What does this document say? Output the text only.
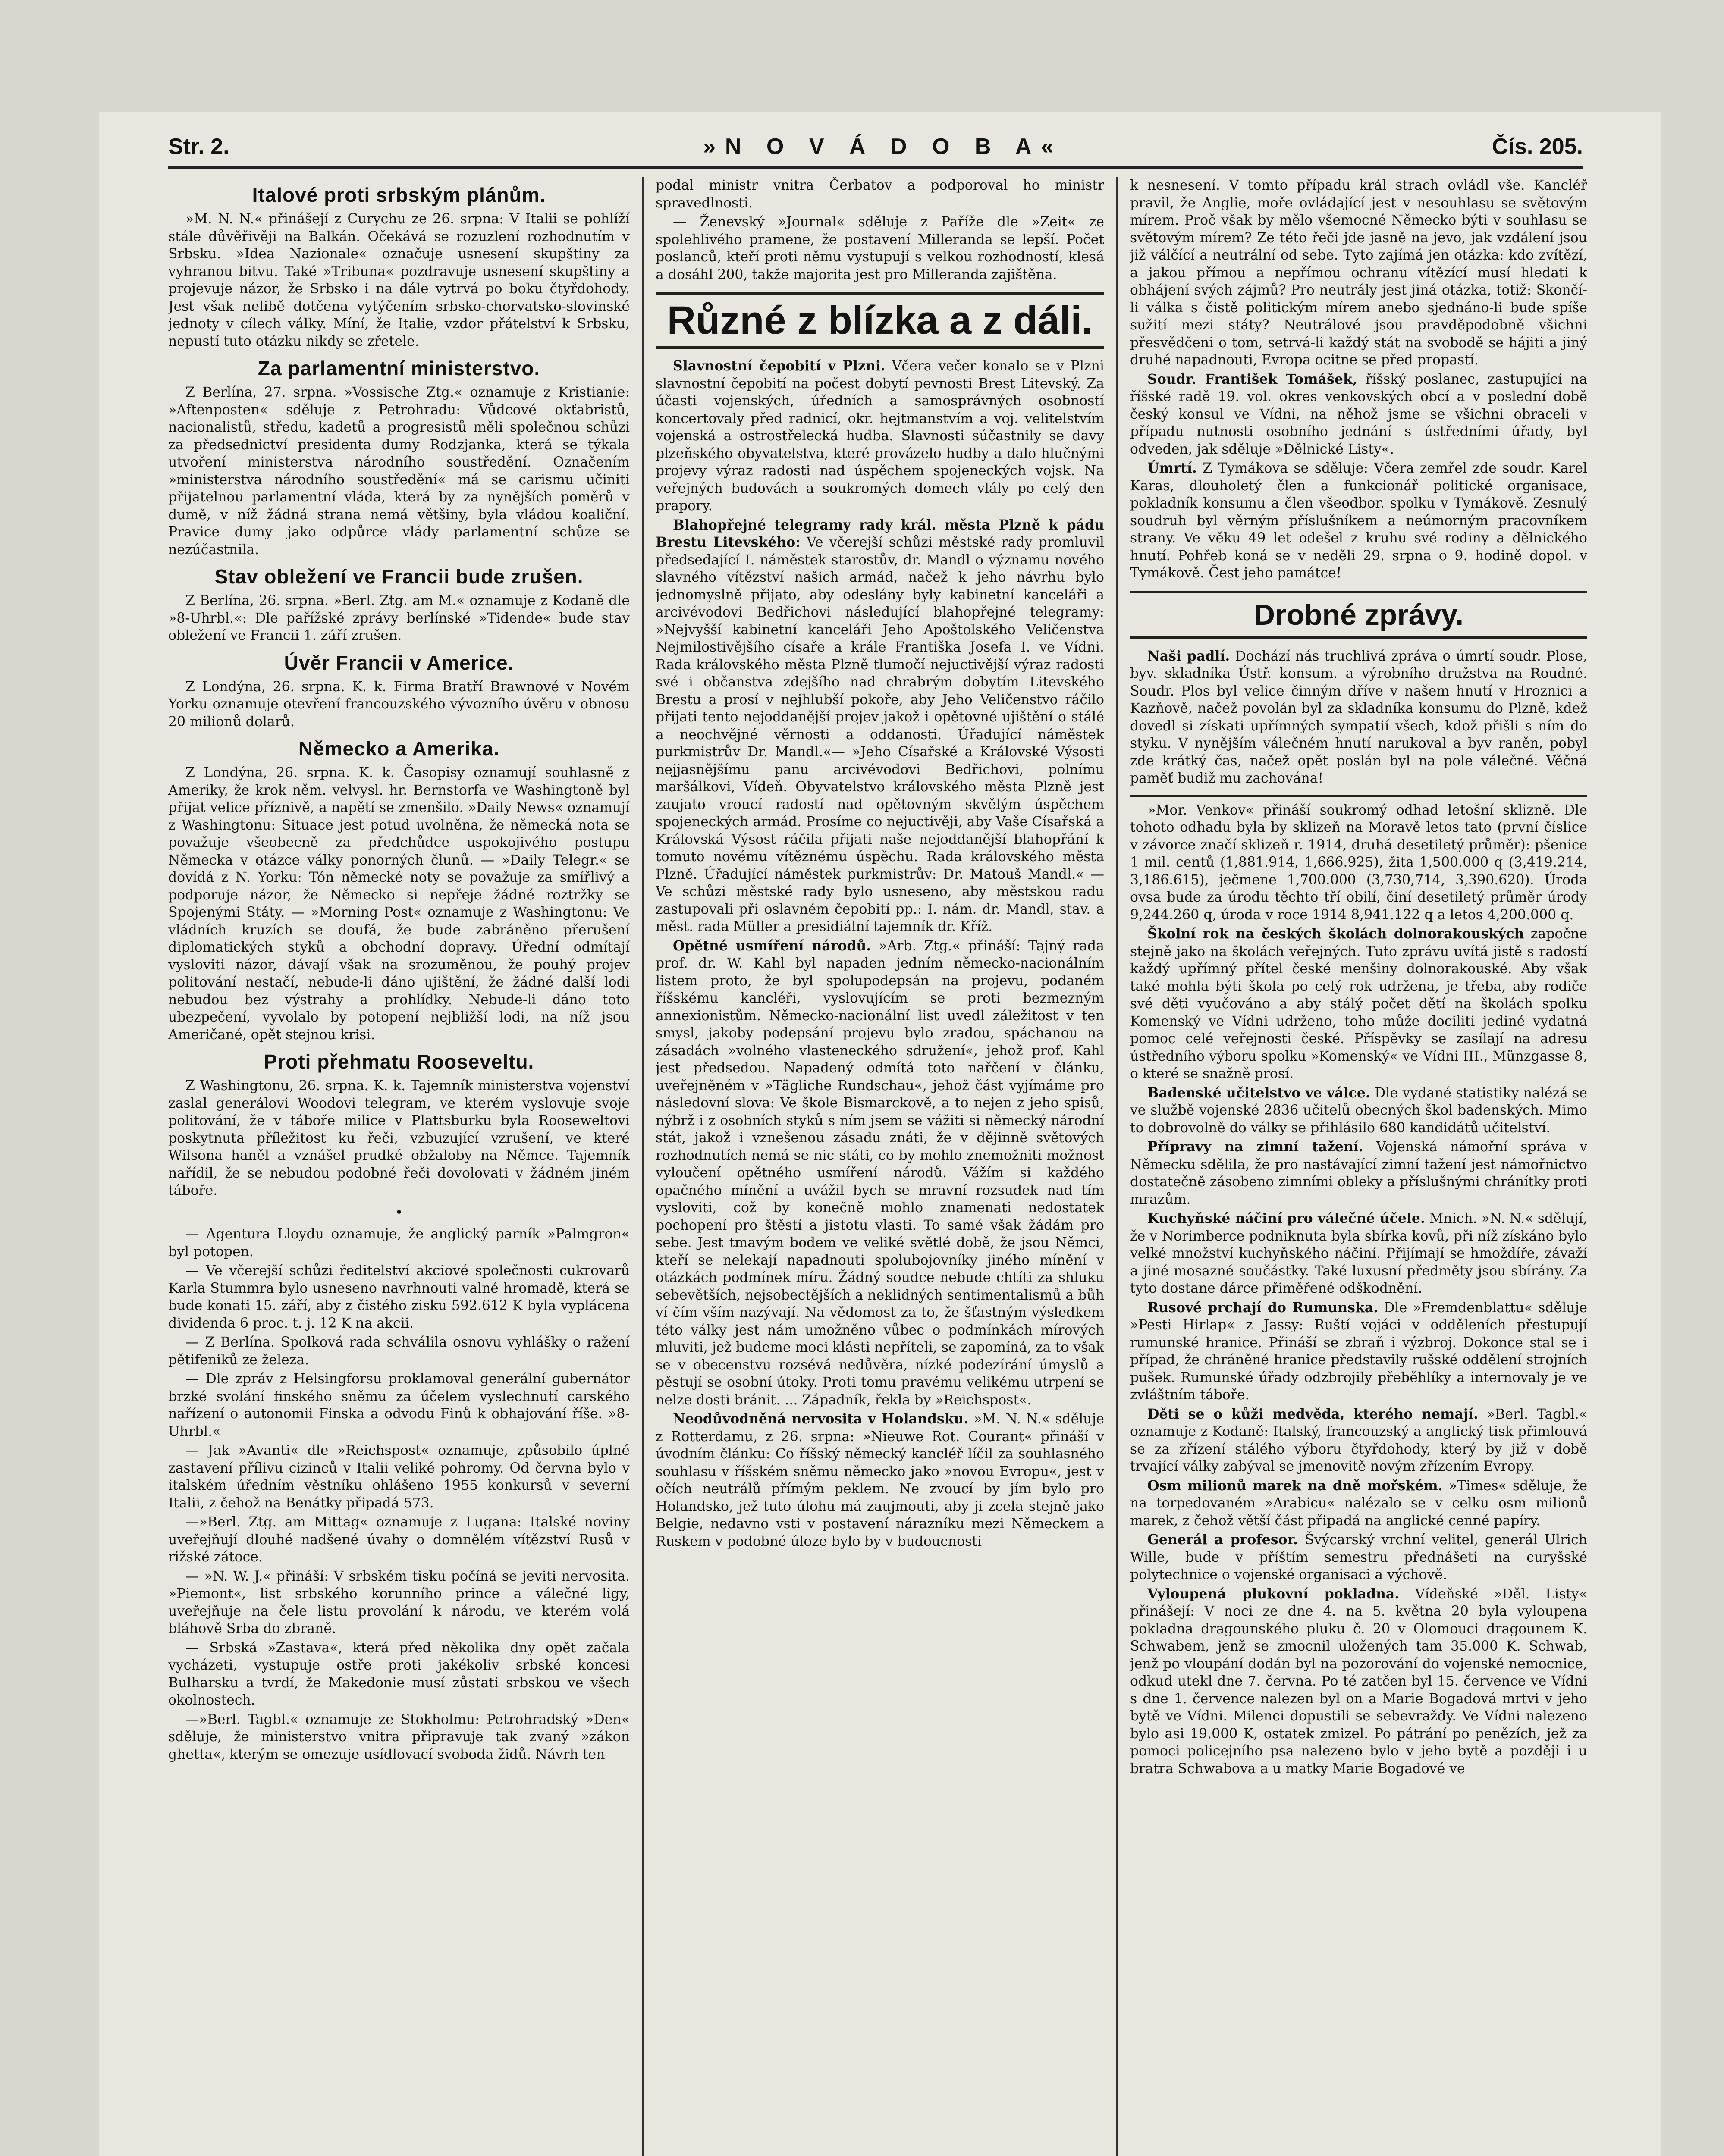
Str. 2.	»N O V Á D O B A«	Čís. 205.
Italové proti srbským plánům.

»M. N. N.« přinášejí z Curychu ze 26. srpna: V Italii se pohlíží stále důvěřivěji na Balkán. Očekává se rozuzlení rozhodnutím v Srbsku. »Idea Nazionale« označuje usnesení skupštiny za vyhranou bitvu. Také »Tribuna« pozdravuje usnesení skupštiny a projevuje názor, že Srbsko i na dále vytrvá po boku čtyřdohody. Jest však nelibě dotčena vytýčením srbsko-chorvatsko-slovinské jednoty v cílech války. Míní, že Italie, vzdor přátelství k Srbsku, nepustí tuto otázku nikdy se zřetele.

Za parlamentní ministerstvo.

Z Berlína, 27. srpna. »Vossische Ztg.« oznamuje z Kristianie: »Aftenposten« sděluje z Petrohradu: Vůdcové okťabristů, nacionalistů, středu, kadetů a progresistů měli společnou schůzi za předsednictví presidenta dumy Rodzjanka, která se týkala utvoření ministerstva národního soustředění. Označením »ministerstva národního soustředění« má se carismu učiniti přijatelnou parlamentní vláda, která by za nynějších poměrů v dumě, v níž žádná strana nemá většiny, byla vládou koaliční. Pravice dumy jako odpůrce vlády parlamentní schůze se nezúčastnila.

Stav obležení ve Francii bude zrušen.

Z Berlína, 26. srpna. »Berl. Ztg. am M.« oznamuje z Kodaně dle »8-Uhrbl.«: Dle pařížské zprávy berlínské »Tidende« bude stav obležení ve Francii 1. září zrušen.

Úvěr Francii v Americe.

Z Londýna, 26. srpna. K. k. Firma Bratří Brawnové v Novém Yorku oznamuje otevření francouzského vývozního úvěru v obnosu 20 milionů dolarů.

Německo a Amerika.

Z Londýna, 26. srpna. K. k. Časopisy oznamují souhlasně z Ameriky, že krok něm. velvysl. hr. Bernstorfa ve Washingtoně byl přijat velice příznivě, a napětí se zmenšilo. »Daily News« oznamují z Washingtonu: Situace jest potud uvolněna, že německá nota se považuje všeobecně za předchůdce uspokojivého postupu Německa v otázce války ponorných člunů. — »Daily Telegr.« se dovídá z N. Yorku: Tón německé noty se považuje za smířlivý a podporuje názor, že Německo si nepřeje žádné roztržky se Spojenými Státy. — »Morning Post« oznamuje z Washingtonu: Ve vládních kruzích se doufá, že bude zabráněno přerušení diplomatických styků a obchodní dopravy. Úřední odmítají vysloviti názor, dávají však na srozuměnou, že pouhý projev politování nestačí, nebude-li dáno ujištění, že žádné další lodi nebudou bez výstrahy a prohlídky. Nebude-li dáno toto ubezpečení, vyvolalo by potopení nejbližší lodi, na níž jsou Američané, opět stejnou krisi.

Proti přehmatu Rooseveltu.

Z Washingtonu, 26. srpna. K. k. Tajemník ministerstva vojenství zaslal generálovi Woodovi telegram, ve kterém vyslovuje svoje politování, že v táboře milice v Plattsburku byla Rooseweltovi poskytnuta příležitost ku řeči, vzbuzující vzrušení, ve které Wilsona haněl a vznášel prudké obžaloby na Němce. Tajemník nařídil, že se nebudou podobné řeči dovolovati v žádném jiném táboře.

•

— Agentura Lloydu oznamuje, že anglický parník »Palmgron« byl potopen.

— Ve včerejší schůzi ředitelství akciové společnosti cukrovarů Karla Stummra bylo usneseno navrhnouti valné hromadě, která se bude konati 15. září, aby z čistého zisku 592.612 K byla vyplácena dividenda 6 proc. t. j. 12 K na akcii.

— Z Berlína. Spolková rada schválila osnovu vyhlášky o ražení pětifeniků ze železa.

— Dle zpráv z Helsingforsu proklamoval generální gubernátor brzké svolání finského sněmu za účelem vyslechnutí carského nařízení o autonomii Finska a odvodu Finů k obhajování říše. »8-Uhrbl.«

— Jak »Avanti« dle »Reichspost« oznamuje, způsobilo úplné zastavení přílivu cizinců v Italii veliké pohromy. Od června bylo v italském úředním věstníku ohlášeno 1955 konkursů v severní Italii, z čehož na Benátky připadá 573.

—»Berl. Ztg. am Mittag« oznamuje z Lugana: Italské noviny uveřejňují dlouhé nadšené úvahy o domnělém vítězství Rusů v rižské zátoce.

— »N. W. J.« přináší: V srbském tisku počíná se jeviti nervosita. »Piemont«, list srbského korunního prince a válečné ligy, uveřejňuje na čele listu provolání k národu, ve kterém volá bláhově Srba do zbraně.

— Srbská »Zastava«, která před několika dny opět začala vycházeti, vystupuje ostře proti jakékoliv srbské koncesi Bulharsku a tvrdí, že Makedonie musí zůstati srbskou ve všech okolnostech.

—»Berl. Tagbl.« oznamuje ze Stokholmu: Petrohradský »Den« sděluje, že ministerstvo vnitra připravuje tak zvaný »zákon ghetta«, kterým se omezuje usídlovací svoboda židů. Návrh ten

podal ministr vnitra Čerbatov a podporoval ho ministr spravedlnosti.

— Ženevský »Journal« sděluje z Paříže dle »Zeit« ze spolehlivého pramene, že postavení Milleranda se lepší. Počet poslanců, kteří proti němu vystupují s velkou rozhodností, klesá a dosáhl 200, takže majorita jest pro Milleranda zajištěna.

Různé z blízka a z dáli.

Slavnostní čepobití v Plzni. Včera večer konalo se v Plzni slavnostní čepobití na počest dobytí pevnosti Brest Litevský. Za účasti vojenských, úředních a samosprávných osobností koncertovaly před radnicí, okr. hejtmanstvím a voj. velitelstvím vojenská a ostrostřelecká hudba. Slavnosti súčastnily se davy plzeňského obyvatelstva, které provázelo hudby a dalo hlučnými projevy výraz radosti nad úspěchem spojeneckých vojsk. Na veřejných budovách a soukromých domech vlály po celý den prapory.

Blahopřejné telegramy rady král. města Plzně k pádu Brestu Litevského: Ve včerejší schůzi městské rady promluvil předsedající I. náměstek starostův, dr. Mandl o významu nového slavného vítězství našich armád, načež k jeho návrhu bylo jednomyslně přijato, aby odeslány byly kabinetní kanceláři a arcivévodovi Bedřichovi následující blahopřejné telegramy: »Nejvyšší kabinetní kanceláři Jeho Apoštolského Veličenstva Nejmilostivějšího císaře a krále Františka Josefa I. ve Vídni. Rada královského města Plzně tlumočí nejuctivější výraz radosti své i občanstva zdejšího nad chrabrým dobytím Litevského Brestu a prosí v nejhlubší pokoře, aby Jeho Veličenstvo ráčilo přijati tento nejoddanější projev jakož i opětovné ujištění o stálé a neochvějné věrnosti a oddanosti. Úřadující náměstek purkmistrův Dr. Mandl.«— »Jeho Císařské a Královské Výsosti nejjasnějšímu panu arcivévodovi Bedřichovi, polnímu maršálkovi, Vídeň. Obyvatelstvo královského města Plzně jest zaujato vroucí radostí nad opětovným skvělým úspěchem spojeneckých armád. Prosíme co nejuctivěji, aby Vaše Císařská a Královská Výsost ráčila přijati naše nejoddanější blahopřání k tomuto novému vítěznému úspěchu. Rada královského města Plzně. Úřadující náměstek purkmistrův: Dr. Matouš Mandl.« — Ve schůzi městské rady bylo usneseno, aby městskou radu zastupovali při oslavném čepobití pp.: I. nám. dr. Mandl, stav. a měst. rada Müller a presidiální tajemník dr. Kříž.

Opětné usmíření národů. »Arb. Ztg.« přináší: Tajný rada prof. dr. W. Kahl byl napaden jedním německo-nacionálním listem proto, že byl spolupodepsán na projevu, podaném říšskému kancléři, vyslovujícím se proti bezmezným annexionistům. Německo-nacionální list uvedl záležitost v ten smysl, jakoby podepsání projevu bylo zradou, spáchanou na zásadách »volného vlasteneckého sdružení«, jehož prof. Kahl jest předsedou. Napadený odmítá toto nařčení v článku, uveřejněném v »Tägliche Rundschau«, jehož část vyjímáme pro následovní slova: Ve škole Bismarckově, a to nejen z jeho spisů, nýbrž i z osobních styků s ním jsem se vážiti si německý národní stát, jakož i vznešenou zásadu znáti, že v dějinně světových rozhodnutích nemá se nic státi, co by mohlo znemožniti možnost vyloučení opětného usmíření národů. Vážím si každého opačného mínění a uvážil bych se mravní rozsudek nad tím vysloviti, což by konečně mohlo znamenati nedostatek pochopení pro štěstí a jistotu vlasti. To samé však žádám pro sebe. Jest tmavým bodem ve veliké světlé době, že jsou Němci, kteří se nelekají napadnouti spolubojovníky jiného mínění v otázkách podmínek míru. Žádný soudce nebude chtíti za shluku sebevětších, nejsobectějších a neklidných sentimentalismů a bůh ví čím vším nazývají. Na vědomost za to, že šťastným výsledkem této války jest nám umožněno vůbec o podmínkách mírových mluviti, jež budeme moci klásti nepříteli, se zapomíná, za to však se v obecenstvu rozsévá nedůvěra, nízké podezírání úmyslů a pěstují se osobní útoky. Proti tomu pravému velikému utrpení se nelze dosti bránit. ... Západník, řekla by »Reichspost«.

Neodůvodněná nervosita v Holandsku. »M. N. N.« sděluje z Rotterdamu, z 26. srpna: »Nieuwe Rot. Courant« přináší v úvodním článku: Co říšský německý kancléř líčil za souhlasného souhlasu v říšském sněmu německo jako »novou Evropu«, jest v očích neutrálů přímým peklem. Ne zvoucí by jím bylo pro Holandsko, jež tuto úlohu má zaujmouti, aby ji zcela stejně jako Belgie, nedavno vsti v postavení nárazníku mezi Německem a Ruskem v podobné úloze bylo by v budoucnosti

k nesnesení. V tomto případu král strach ovládl vše. Kancléř pravil, že Anglie, moře ovládající jest v nesouhlasu se světovým mírem. Proč však by mělo všemocné Německo býti v souhlasu se světovým mírem? Ze této řeči jde jasně na jevo, jak vzdálení jsou již válčící a neutrální od sebe. Tyto zajímá jen otázka: kdo zvítězí, a jakou přímou a nepřímou ochranu vítězící musí hledati k obhájení svých zájmů? Pro neutrály jest jiná otázka, totiž: Skončí-li válka s čistě politickým mírem anebo sjednáno-li bude spíše sužití mezi státy? Neutrálové jsou pravděpodobně všichni přesvědčeni o tom, setrvá-li každý stát na svobodě se hájiti a jiný druhé napadnouti, Evropa ocitne se před propastí.

Soudr. František Tomášek, říšský poslanec, zastupující na říšské radě 19. vol. okres venkovských obcí a v poslední době český konsul ve Vídni, na něhož jsme se všichni obraceli v případu nutnosti osobního jednání s ústředními úřady, byl odveden, jak sděluje »Dělnické Listy«.

Úmrtí. Z Tymákova se sděluje: Včera zemřel zde soudr. Karel Karas, dlouholetý člen a funkcionář politické organisace, pokladník konsumu a člen všeodbor. spolku v Tymákově. Zesnulý soudruh byl věrným příslušníkem a neúmorným pracovníkem strany. Ve věku 49 let odešel z kruhu své rodiny a dělnického hnutí. Pohřeb koná se v neděli 29. srpna o 9. hodině dopol. v Tymákově. Čest jeho památce!

Drobné zprávy.

Naši padlí. Dochází nás truchlivá zpráva o úmrtí soudr. Plose, byv. skladníka Ústř. konsum. a výrobního družstva na Roudné. Soudr. Plos byl velice činným dříve v našem hnutí v Hroznici a Kazňově, načež povolán byl za skladníka konsumu do Plzně, kdež dovedl si získati upřímných sympatií všech, kdož přišli s ním do styku. V nynějším válečném hnutí narukoval a byv raněn, pobyl zde krátký čas, načež opět poslán byl na pole válečné. Věčná paměť budiž mu zachována!

»Mor. Venkov« přináší soukromý odhad letošní sklizně. Dle tohoto odhadu byla by sklizeň na Moravě letos tato (první číslice v závorce značí sklizeň r. 1914, druhá desetiletý průměr): pšenice 1 mil. centů (1,881.914, 1,666.925), žita 1,500.000 q (3,419.214, 3,186.615), ječmene 1,700.000 (3,730,714, 3,390.620). Úroda ovsa bude za úrodu těchto tří obilí, činí desetiletý průměr úrody 9,244.260 q, úroda v roce 1914 8,941.122 q a letos 4,200.000 q.

Školní rok na českých školách dolnorakouských započne stejně jako na školách veřejných. Tuto zprávu uvítá jistě s radostí každý upřímný přítel české menšiny dolnorakouské. Aby však také mohla býti škola po celý rok udržena, je třeba, aby rodiče své děti vyučováno a aby stálý počet dětí na školách spolku Komenský ve Vídni udrženo, toho může dociliti jediné vydatná pomoc celé veřejnosti české. Příspěvky se zasílají na adresu ústředního výboru spolku »Komenský« ve Vídni III., Münzgasse 8, o které se snažně prosí.

Badenské učitelstvo ve válce. Dle vydané statistiky nalézá se ve službě vojenské 2836 učitelů obecných škol badenských. Mimo to dobrovolně do války se přihlásilo 680 kandidátů učitelství.

Přípravy na zimní tažení. Vojenská námořní správa v Německu sdělila, že pro nastávající zimní tažení jest námořnictvo dostatečně zásobeno zimními obleky a příslušnými chránítky proti mrazům.

Kuchyňské náčiní pro válečné účele. Mnich. »N. N.« sdělují, že v Norimberce podniknuta byla sbírka kovů, při níž získáno bylo velké množství kuchyňského náčiní. Přijímají se hmoždíře, závaží a jiné mosazné součástky. Také luxusní předměty jsou sbírány. Za tyto dostane dárce přiměřené odškodnění.

Rusové prchají do Rumunska. Dle »Fremdenblattu« sděluje »Pesti Hirlap« z Jassy: Ruští vojáci v odděleních přestupují rumunské hranice. Přináší se zbraň i výzbroj. Dokonce stal se i případ, že chráněné hranice představily rušské oddělení strojních pušek. Rumunské úřady odzbrojily přeběhlíky a internovaly je ve zvláštním táboře.

Děti se o kůži medvěda, kterého nemají. »Berl. Tagbl.« oznamuje z Kodaně: Italský, francouzský a anglický tisk přimlouvá se za zřízení stálého výboru čtyřdohody, který by již v době trvající války zabýval se jmenovitě novým zřízením Evropy.

Osm milionů marek na dně mořském. »Times« sděluje, že na torpedovaném »Arabicu« nalézalo se v celku osm milionů marek, z čehož větší část připadá na anglické cenné papíry.

Generál a profesor. Švýcarský vrchní velitel, generál Ulrich Wille, bude v příštím semestru přednášeti na curyšské polytechnice o vojenské organisaci a výchově.

Vyloupená plukovní pokladna. Vídeňské »Děl. Listy« přinášejí: V noci ze dne 4. na 5. května 20 byla vyloupena pokladna dragounského pluku č. 20 v Olomouci dragounem K. Schwabem, jenž se zmocnil uložených tam 35.000 K. Schwab, jenž po vloupání dodán byl na pozorování do vojenské nemocnice, odkud utekl dne 7. června. Po té zatčen byl 15. července ve Vídni s dne 1. července nalezen byl on a Marie Bogadová mrtvi v jeho bytě ve Vídni. Milenci dopustili se sebevraždy. Ve Vídni nalezeno bylo asi 19.000 K, ostatek zmizel. Po pátrání po penězích, jež za pomoci policejního psa nalezeno bylo v jeho bytě a později i u bratra Schwabova a u matky Marie Bogadové ve
